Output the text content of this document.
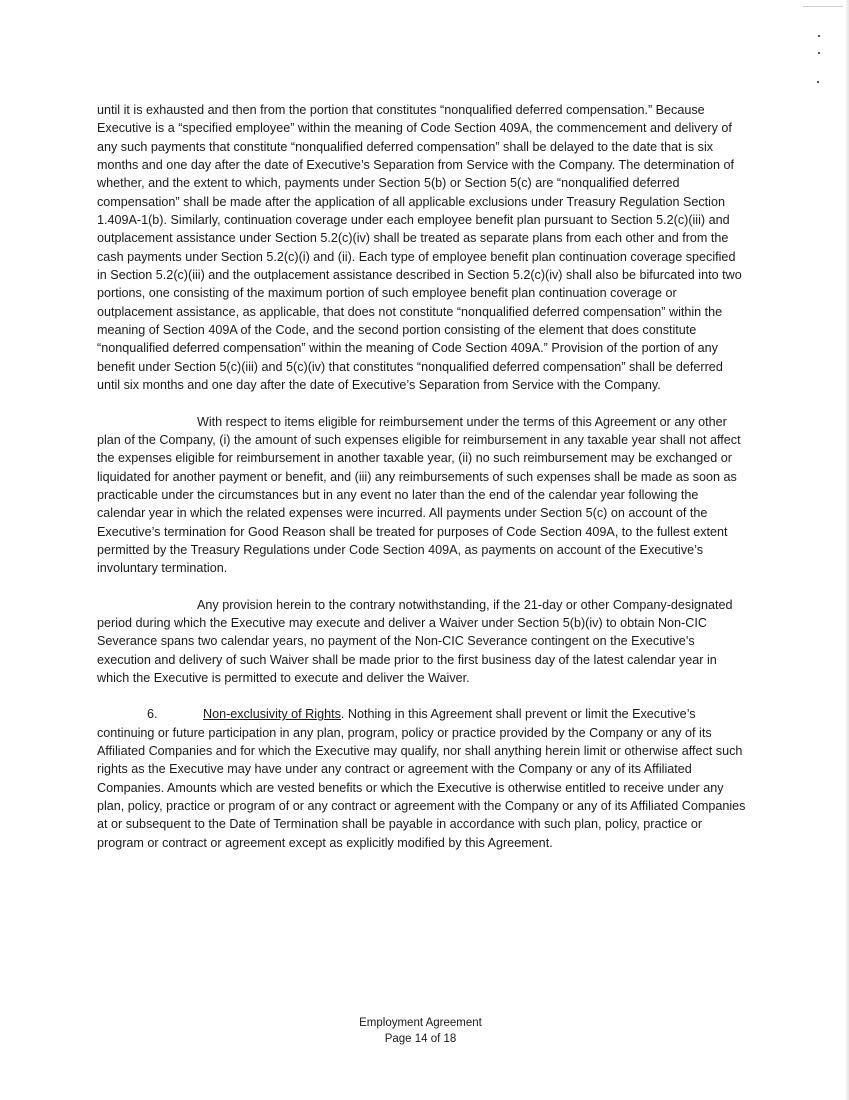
until it is exhausted and then from the portion that constitutes “nonqualified deferred compensation.” Because Executive is a “specified employee” within the meaning of Code Section 409A, the commencement and delivery of any such payments that constitute “nonqualified deferred compensation” shall be delayed to the date that is six months and one day after the date of Executive’s Separation from Service with the Company. The determination of whether, and the extent to which, payments under Section 5(b) or Section 5(c) are “nonqualified deferred compensation” shall be made after the application of all applicable exclusions under Treasury Regulation Section 1.409A-1(b). Similarly, continuation coverage under each employee benefit plan pursuant to Section 5.2(c)(iii) and outplacement assistance under Section 5.2(c)(iv) shall be treated as separate plans from each other and from the cash payments under Section 5.2(c)(i) and (ii). Each type of employee benefit plan continuation coverage specified in Section 5.2(c)(iii) and the outplacement assistance described in Section 5.2(c)(iv) shall also be bifurcated into two portions, one consisting of the maximum portion of such employee benefit plan continuation coverage or outplacement assistance, as applicable, that does not constitute “nonqualified deferred compensation” within the meaning of Section 409A of the Code, and the second portion consisting of the element that does constitute “nonqualified deferred compensation” within the meaning of Code Section 409A.” Provision of the portion of any benefit under Section 5(c)(iii) and 5(c)(iv) that constitutes “nonqualified deferred compensation” shall be deferred until six months and one day after the date of Executive’s Separation from Service with the Company.

With respect to items eligible for reimbursement under the terms of this Agreement or any other plan of the Company, (i) the amount of such expenses eligible for reimbursement in any taxable year shall not affect the expenses eligible for reimbursement in another taxable year, (ii) no such reimbursement may be exchanged or liquidated for another payment or benefit, and (iii) any reimbursements of such expenses shall be made as soon as practicable under the circumstances but in any event no later than the end of the calendar year following the calendar year in which the related expenses were incurred. All payments under Section 5(c) on account of the Executive’s termination for Good Reason shall be treated for purposes of Code Section 409A, to the fullest extent permitted by the Treasury Regulations under Code Section 409A, as payments on account of the Executive’s involuntary termination.

Any provision herein to the contrary notwithstanding, if the 21-day or other Company-designated period during which the Executive may execute and deliver a Waiver under Section 5(b)(iv) to obtain Non-CIC Severance spans two calendar years, no payment of the Non-CIC Severance contingent on the Executive’s execution and delivery of such Waiver shall be made prior to the first business day of the latest calendar year in which the Executive is permitted to execute and deliver the Waiver.

6.	Non-exclusivity of Rights. Nothing in this Agreement shall prevent or limit the Executive’s continuing or future participation in any plan, program, policy or practice provided by the Company or any of its Affiliated Companies and for which the Executive may qualify, nor shall anything herein limit or otherwise affect such rights as the Executive may have under any contract or agreement with the Company or any of its Affiliated Companies. Amounts which are vested benefits or which the Executive is otherwise entitled to receive under any plan, policy, practice or program of or any contract or agreement with the Company or any of its Affiliated Companies at or subsequent to the Date of Termination shall be payable in accordance with such plan, policy, practice or program or contract or agreement except as explicitly modified by this Agreement.

Employment Agreement
Page 14 of 18
